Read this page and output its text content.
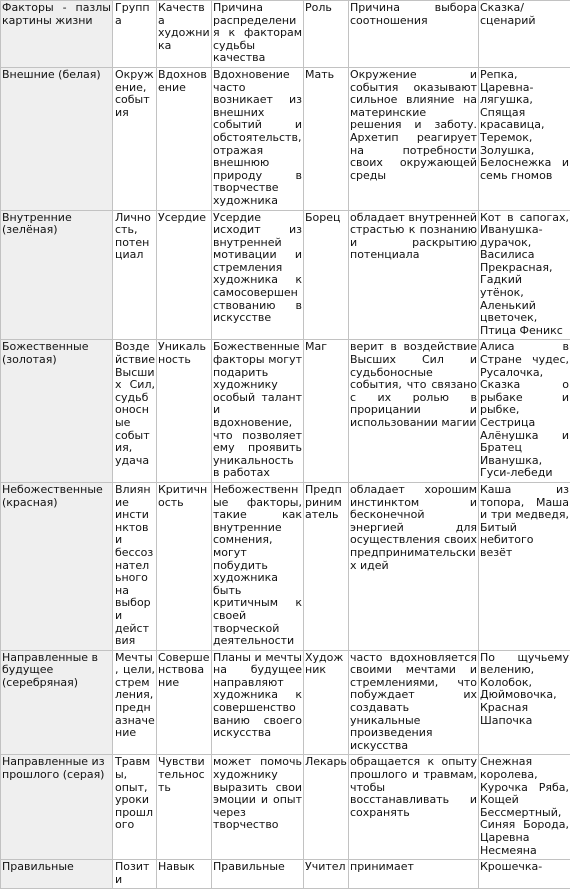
Факторы - пазлы картины жизни	Группа	Качества художника	Причина распределения к факторам судьбы качества	Роль	Причина выбора соотношения	Сказка/ сценарий
Внешние (белая)	Окружение, события	Вдохновение	Вдохновение часто возникает из внешних событий и обстоятельств, отражая внешнюю природу в творчестве художника	Мать	Окружение и события оказывают сильное влияние на материнские решения и заботу. Архетип реагирует на потребности своих окружающей среды	Репка, Царевна-лягушка, Спящая красавица, Теремок, Золушка, Белоснежка и семь гномов
Внутренние (зелёная)	Личность, потенциал	Усердие	Усердие исходит из внутренней мотивации и стремления художника к самосовершенствованию в искусстве	Борец	обладает внутренней страстью к познанию и раскрытию потенциала	Кот в сапогах, Иванушка-дурачок, Василиса Прекрасная, Гадкий утёнок, Аленький цветочек, Птица Феникс
Божественные (золотая)	Воздействие Высших Сил, судьбоносные события, удача	Уникальность	Божественные факторы могут подарить художнику особый талант и вдохновение, что позволяет ему проявить уникальность в работах	Маг	верит в воздействие Высших Сил и судьбоносные события, что связано с их ролью в прорицании и использовании магии	Алиса в Стране чудес, Русалочка, Сказка о рыбаке и рыбке, Сестрица Алёнушка и Братец Иванушка, Гуси-лебеди
Небожественные (красная)	Влияние инстинктов и бессознательного на выбор и действия	Критичность	Небожественные факторы, такие как внутренние сомнения, могут побудить художника быть критичным к своей творческой деятельности	Предприниматель	обладает хорошим инстинктом и бесконечной энергией для осуществления своих предпринимательских идей	Каша из топора, Маша и три медведя, Битый небитого везёт
Направленные в будущее (серебряная)	Мечты, цели, стремления, предназначение	Совершенствование	Планы и мечты на будущее направляют художника к совершенствованию своего искусства	Художник	часто вдохновляется своими мечтами и стремлениями, что побуждает их создавать уникальные произведения искусства	По щучьему велению, Колобок, Дюймовочка, Красная Шапочка
Направленные из прошлого (серая)	Травмы, опыт, уроки прошлого	Чувствительность	может помочь художнику выразить свои эмоции и опыт через творчество	Лекарь	обращается к опыту прошлого и травмам, чтобы восстанавливать и сохранять	Снежная королева, Курочка Ряба, Кощей Бессмертный, Синяя Борода, Царевна Несмеяна
Правильные	Позити	Навык	Правильные	Учител	принимает	Крошечка-
